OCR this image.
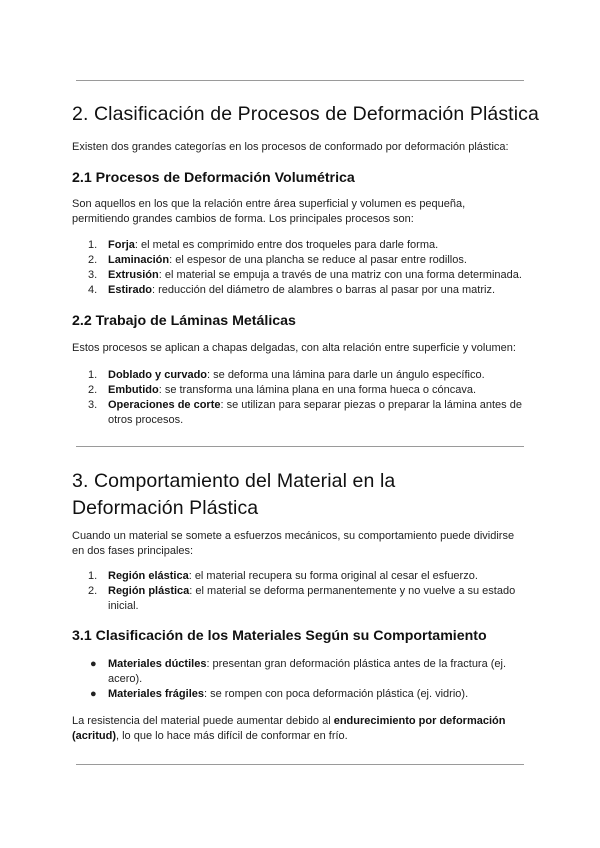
2. Clasificación de Procesos de Deformación Plástica

Existen dos grandes categorías en los procesos de conformado por deformación plástica:

2.1 Procesos de Deformación Volumétrica

Son aquellos en los que la relación entre área superficial y volumen es pequeña, permitiendo grandes cambios de forma. Los principales procesos son:

1. Forja: el metal es comprimido entre dos troqueles para darle forma.
2. Laminación: el espesor de una plancha se reduce al pasar entre rodillos.
3. Extrusión: el material se empuja a través de una matriz con una forma determinada.
4. Estirado: reducción del diámetro de alambres o barras al pasar por una matriz.
2.2 Trabajo de Láminas Metálicas

Estos procesos se aplican a chapas delgadas, con alta relación entre superficie y volumen:

1. Doblado y curvado: se deforma una lámina para darle un ángulo específico.
2. Embutido: se transforma una lámina plana en una forma hueca o cóncava.
3. Operaciones de corte: se utilizan para separar piezas o preparar la lámina antes de otros procesos.
3. Comportamiento del Material en la Deformación Plástica

Cuando un material se somete a esfuerzos mecánicos, su comportamiento puede dividirse en dos fases principales:

1. Región elástica: el material recupera su forma original al cesar el esfuerzo.
2. Región plástica: el material se deforma permanentemente y no vuelve a su estado inicial.
3.1 Clasificación de los Materiales Según su Comportamiento
● Materiales dúctiles: presentan gran deformación plástica antes de la fractura (ej. acero).
● Materiales frágiles: se rompen con poca deformación plástica (ej. vidrio).

La resistencia del material puede aumentar debido al endurecimiento por deformación (acritud), lo que lo hace más difícil de conformar en frío.
